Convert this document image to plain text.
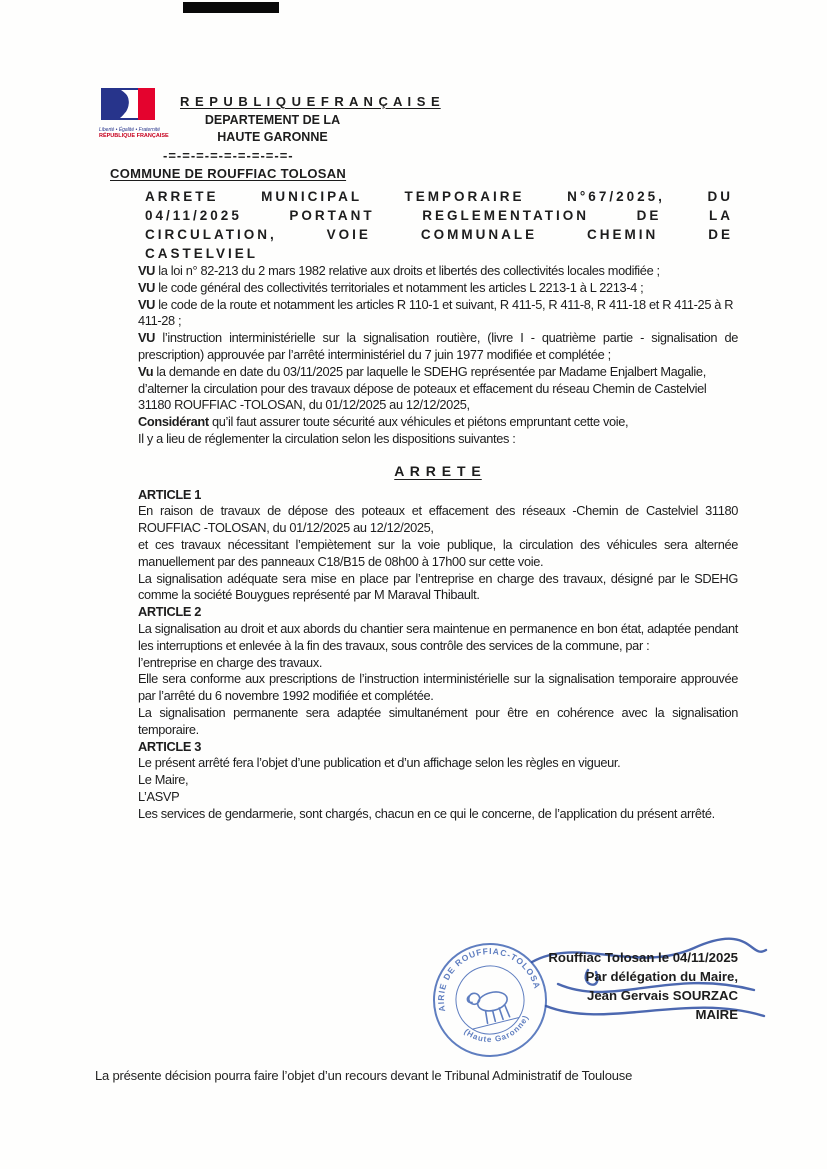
Liberté • Égalité • Fraternité
RÉPUBLIQUE FRANÇAISE
R E P U B L I Q U E F R A N Ç A I S E
DEPARTEMENT DE LA
HAUTE GARONNE
-=-=-=-=-=-=-=-=-=-
COMMUNE DE ROUFFIAC TOLOSAN
ARRETE MUNICIPAL TEMPORAIRE N°67/2025, DU
04/11/2025 PORTANT REGLEMENTATION DE LA
CIRCULATION, VOIE COMMUNALE CHEMIN DE
CASTELVIEL

VU la loi n° 82-213 du 2 mars 1982 relative aux droits et libertés des collectivités locales modifiée ;

VU le code général des collectivités territoriales et notamment les articles L 2213-1 à L 2213-4 ;

VU le code de la route et notamment les articles R 110-1 et suivant, R 411-5, R 411-8, R 411-18 et R 411-25 à R 411-28 ;

VU l’instruction interministérielle sur la signalisation routière, (livre I - quatrième partie - signalisation de prescription) approuvée par l’arrêté interministériel du 7 juin 1977 modifiée et complétée ;

Vu la demande en date du 03/11/2025 par laquelle le SDEHG représentée par Madame Enjalbert Magalie, d’alterner la circulation pour des travaux dépose de poteaux et effacement du réseau Chemin de Castelviel 31180 ROUFFIAC -TOLOSAN, du 01/12/2025 au 12/12/2025,

Considérant qu’il faut assurer toute sécurité aux véhicules et piétons empruntant cette voie,

Il y a lieu de réglementer la circulation selon les dispositions suivantes :

A R R E T E
ARTICLE 1

En raison de travaux de dépose des poteaux et effacement des réseaux -Chemin de Castelviel 31180 ROUFFIAC -TOLOSAN, du 01/12/2025 au 12/12/2025,

et ces travaux nécessitant l’empiètement sur la voie publique, la circulation des véhicules sera alternée manuellement par des panneaux C18/B15 de 08h00 à 17h00 sur cette voie.

La signalisation adéquate sera mise en place par l’entreprise en charge des travaux, désigné par le SDEHG comme la société Bouygues représenté par M Maraval Thibault.

ARTICLE 2

La signalisation au droit et aux abords du chantier sera maintenue en permanence en bon état, adaptée pendant les interruptions et enlevée à la fin des travaux, sous contrôle des services de la commune, par :

l’entreprise en charge des travaux.

Elle sera conforme aux prescriptions de l’instruction interministérielle sur la signalisation temporaire approuvée par l’arrêté du 6 novembre 1992 modifiée et complétée.

La signalisation permanente sera adaptée simultanément pour être en cohérence avec la signalisation temporaire.

ARTICLE 3

Le présent arrêté fera l’objet d’une publication et d’un affichage selon les règles en vigueur.

Le Maire,

L’ASVP

Les services de gendarmerie, sont chargés, chacun en ce qui le concerne, de l’application du présent arrêté.

MAIRIE DE ROUFFIAC-TOLOSAN
(Haute Garonne)
Rouffiac Tolosan le 04/11/2025
Par délégation du Maire,
Jean Gervais SOURZAC
MAIRE
La présente décision pourra faire l’objet d’un recours devant le Tribunal Administratif de Toulouse
